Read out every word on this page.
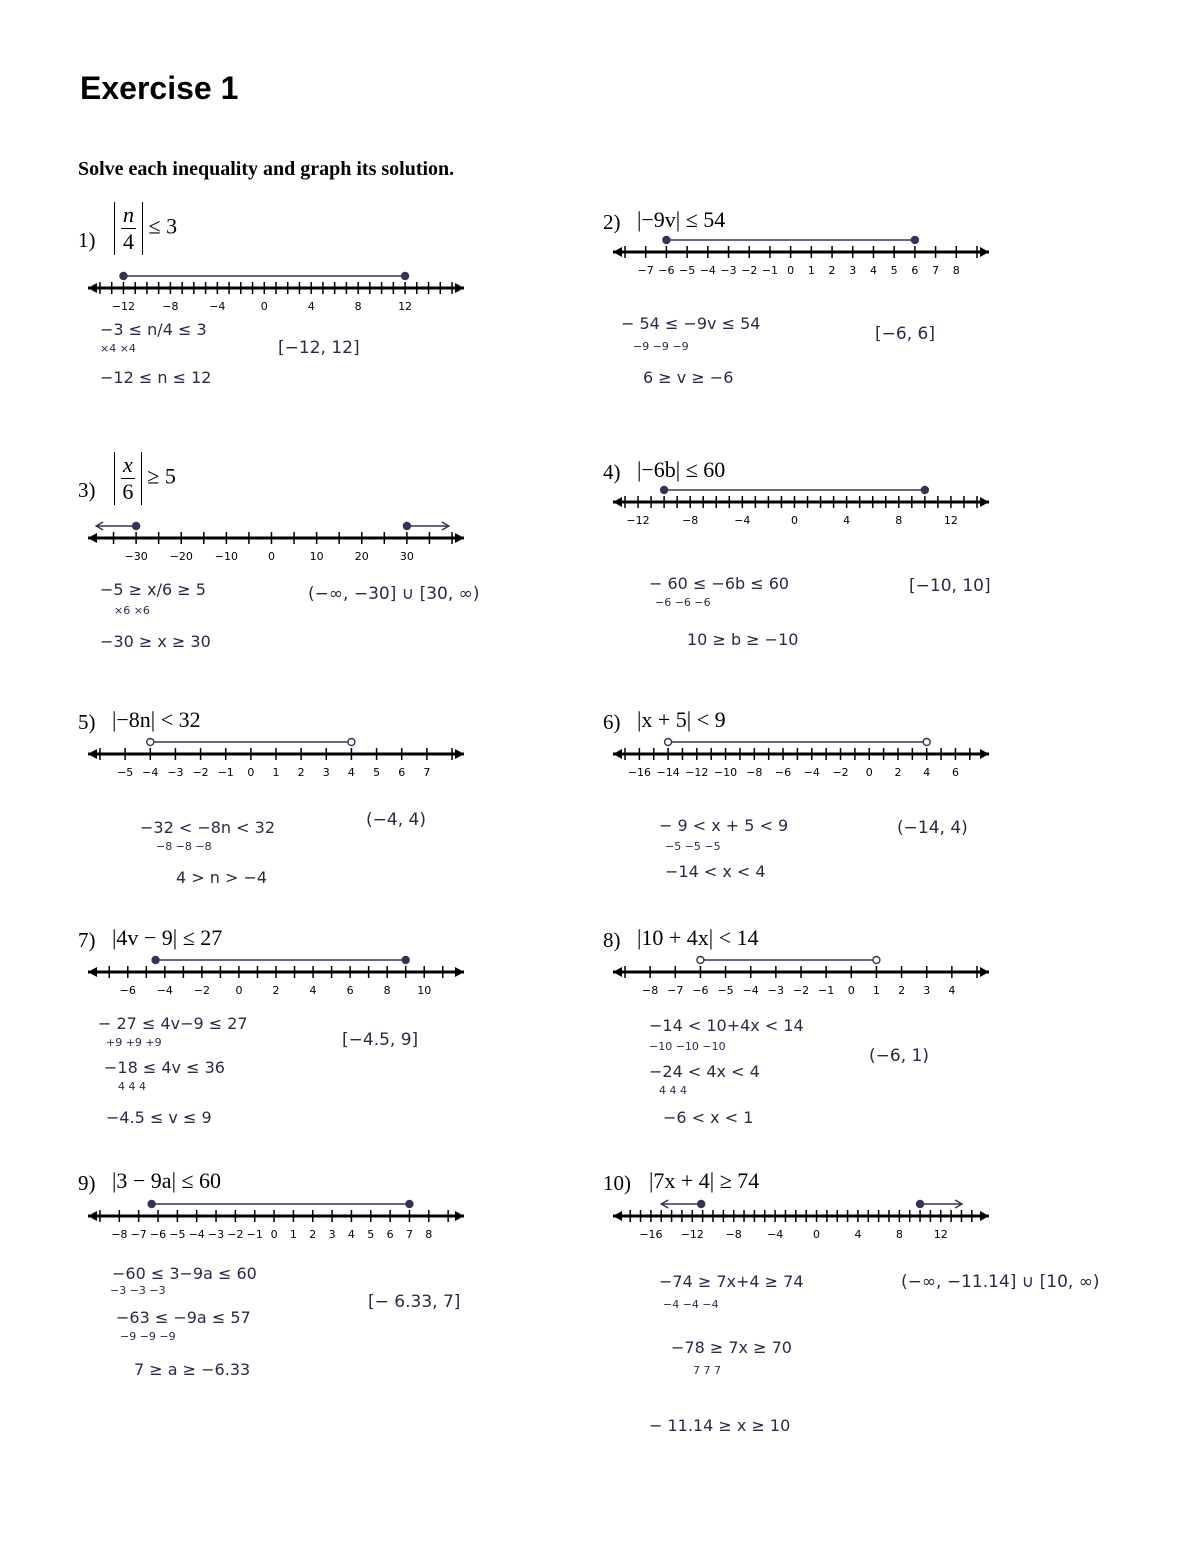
Exercise 1
Solve each inequality and graph its solution.
$1) \frac{n}{4} \le 3$
−12 −8	−4	0	4	8	12
−3 ≤ n/4 ≤ 3
×4 ×4
−12 ≤ n ≤ 12
[−12, 12]
2) |−9v| ≤ 54
−7 −6 −5 −4 −3 −2 −1 0 1 2 3 4 5 6 7 8
− 54 ≤ −9v ≤ 54
−9 −9 −9
6 ≥ v ≥ −6
[−6, 6]
$3) \frac{x}{6} \ge 5$
−30 −20 −10	0	10	20	30
−5 ≥ x/6 ≥ 5
×6 ×6
−30 ≥ x ≥ 30
(−∞, −30] ∪ [30, ∞)
4) |−6b| ≤ 60
−12	−8	−4	0	4	8	12
− 60 ≤ −6b ≤ 60
−6 −6 −6
10 ≥ b ≥ −10
[−10, 10]
5) |−8n| < 32
−5 −4 −3 −2 −1 0 1 2 3 4 5 6 7
−32 < −8n < 32
−8 −8 −8
4 > n > −4
(−4, 4)
6) |x + 5| < 9
−16 −14 −12 −10 −8 −6 −4 −2 0 2 4 6
− 9 < x + 5 < 9
−5 −5 −5
−14 < x < 4
(−14, 4)
7) |4v − 9| ≤ 27
−6 −4 −2 0	2	4	6	8 10
− 27 ≤ 4v−9 ≤ 27
+9 +9 +9
−18 ≤ 4v ≤ 36
4 4 4
−4.5 ≤ v ≤ 9
[−4.5, 9]
8) |10 + 4x| < 14
−8 −7 −6 −5 −4 −3 −2 −1 0 1 2 3 4
−14 < 10+4x < 14
−10 −10 −10
−24 < 4x < 4
4 4 4
−6 < x < 1
(−6, 1)
9) |3 − 9a| ≤ 60
−8 −7 −6 −5 −4 −3 −2 −1 0 1 2 3 4 5 6 7 8
−60 ≤ 3−9a ≤ 60
−3 −3 −3
−63 ≤ −9a ≤ 57
−9 −9 −9
7 ≥ a ≥ −6.33
[− 6.33, 7]
10) |7x + 4| ≥ 74
−16 −12 −8 −4	0	4	8	12
−74 ≥ 7x+4 ≥ 74
−4 −4 −4
−78 ≥ 7x ≥ 70
7 7 7
− 11.14 ≥ x ≥ 10
(−∞, −11.14] ∪ [10, ∞)
